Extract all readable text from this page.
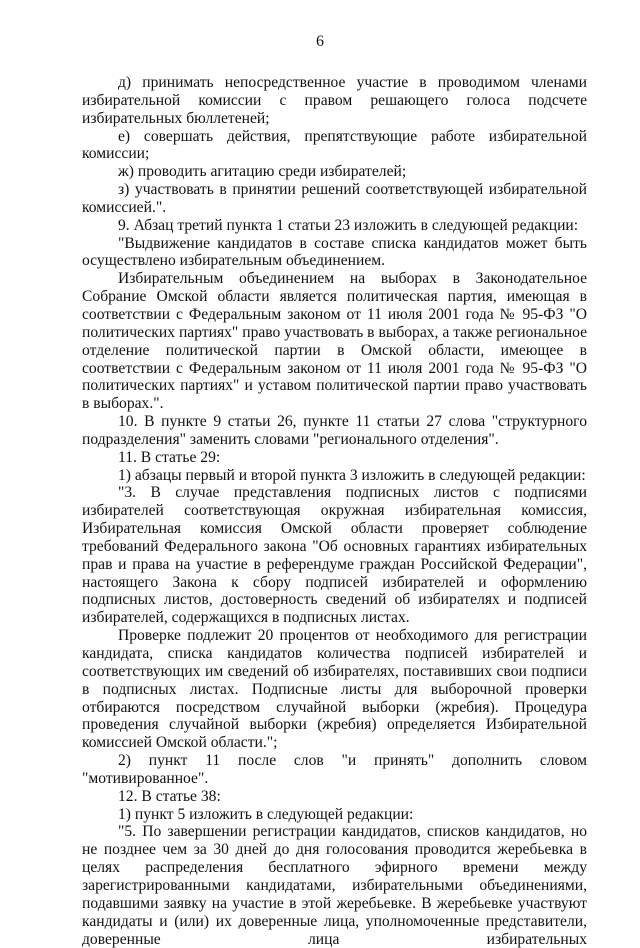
6

д) принимать непосредственное участие в проводимом членами избирательной комиссии с правом решающего голоса подсчете избирательных бюллетеней;

е) совершать действия, препятствующие работе избирательной комиссии;

ж) проводить агитацию среди избирателей;

з) участвовать в принятии решений соответствующей избирательной комиссией.".

9. Абзац третий пункта 1 статьи 23 изложить в следующей редакции:

"Выдвижение кандидатов в составе списка кандидатов может быть осуществлено избирательным объединением.

Избирательным объединением на выборах в Законодательное Собрание Омской области является политическая партия, имеющая в соответствии с Федеральным законом от 11 июля 2001 года № 95-ФЗ "О политических партиях" право участвовать в выборах, а также региональное отделение политической партии в Омской области, имеющее в соответствии с Федеральным законом от 11 июля 2001 года № 95-ФЗ "О политических партиях" и уставом политической партии право участвовать в выборах.".

10. В пункте 9 статьи 26, пункте 11 статьи 27 слова "структурного подразделения" заменить словами "регионального отделения".

11. В статье 29:

1) абзацы первый и второй пункта 3 изложить в следующей редакции:

"3. В случае представления подписных листов с подписями избирателей соответствующая окружная избирательная комиссия, Избирательная комиссия Омской области проверяет соблюдение требований Федерального закона "Об основных гарантиях избирательных прав и права на участие в референдуме граждан Российской Федерации", настоящего Закона к сбору подписей избирателей и оформлению подписных листов, достоверность сведений об избирателях и подписей избирателей, содержащихся в подписных листах.

Проверке подлежит 20 процентов от необходимого для регистрации кандидата, списка кандидатов количества подписей избирателей и соответствующих им сведений об избирателях, поставивших свои подписи в подписных листах. Подписные листы для выборочной проверки отбираются посредством случайной выборки (жребия). Процедура проведения случайной выборки (жребия) определяется Избирательной комиссией Омской области.";

2) пункт 11 после слов "и принять" дополнить словом "мотивированное".

12. В статье 38:

1) пункт 5 изложить в следующей редакции:

"5. По завершении регистрации кандидатов, списков кандидатов, но не позднее чем за 30 дней до дня голосования проводится жеребьевка в целях распределения бесплатного эфирного времени между зарегистрированными кандидатами, избирательными объединениями, подавшими заявку на участие в этой жеребьевке. В жеребьевке участвуют кандидаты и (или) их доверенные лица, уполномоченные представители, доверенные лица избирательных
